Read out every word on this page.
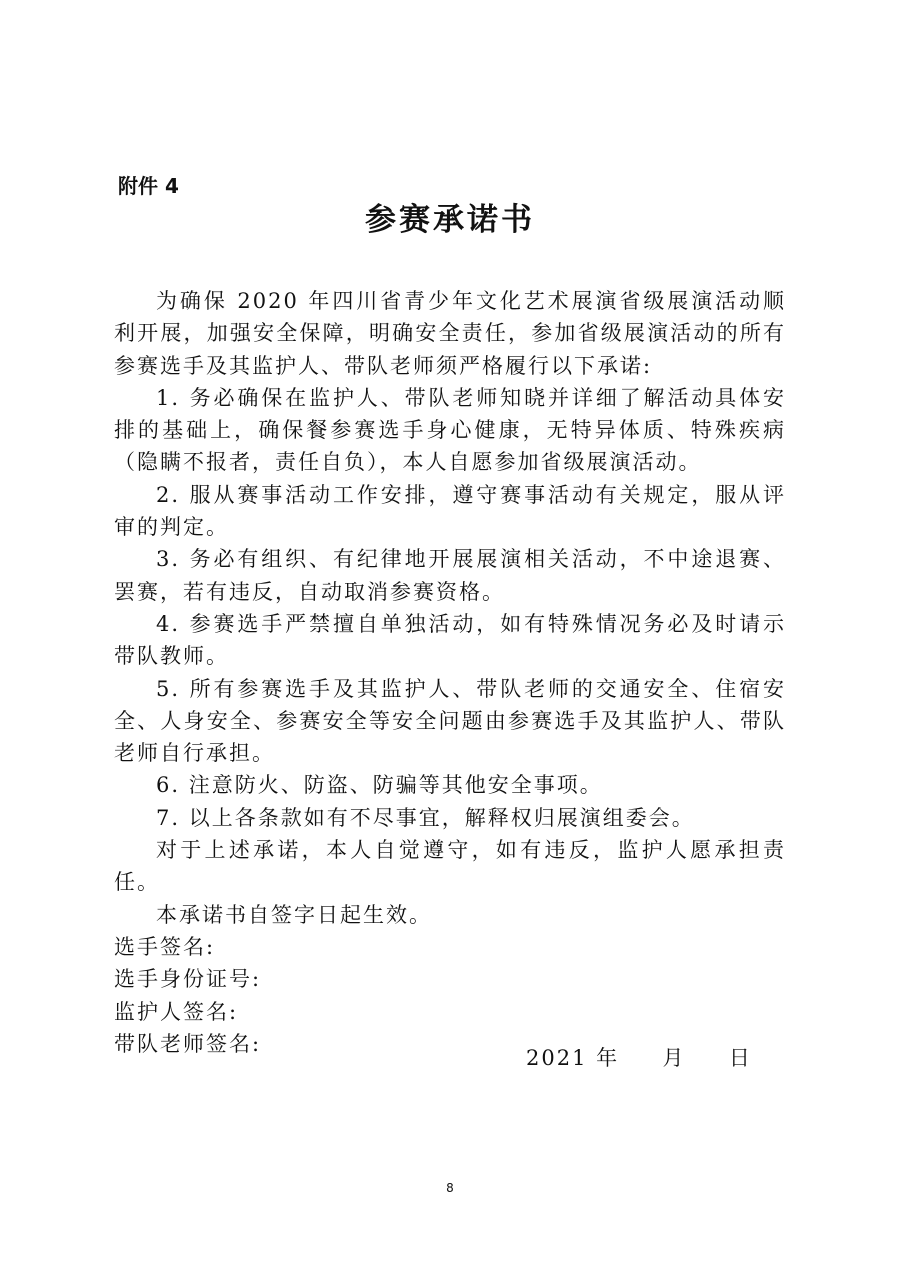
附件 4
参赛承诺书

为确保 2020 年四川省青少年文化艺术展演省级展演活动顺利开展，加强安全保障，明确安全责任，参加省级展演活动的所有参赛选手及其监护人、带队老师须严格履行以下承诺:

1. 务必确保在监护人、带队老师知晓并详细了解活动具体安排的基础上，确保餐参赛选手身心健康，无特异体质、特殊疾病（隐瞒不报者，责任自负），本人自愿参加省级展演活动。

2. 服从赛事活动工作安排，遵守赛事活动有关规定，服从评审的判定。

3. 务必有组织、有纪律地开展展演相关活动，不中途退赛、罢赛，若有违反，自动取消参赛资格。

4. 参赛选手严禁擅自单独活动，如有特殊情况务必及时请示带队教师。

5. 所有参赛选手及其监护人、带队老师的交通安全、住宿安全、人身安全、参赛安全等安全问题由参赛选手及其监护人、带队老师自行承担。

6. 注意防火、防盗、防骗等其他安全事项。

7. 以上各条款如有不尽事宜，解释权归展演组委会。

对于上述承诺，本人自觉遵守，如有违反，监护人愿承担责任。

本承诺书自签字日起生效。

选手签名:

选手身份证号:

监护人签名:

带队老师签名:

2021 年     月     日
8
